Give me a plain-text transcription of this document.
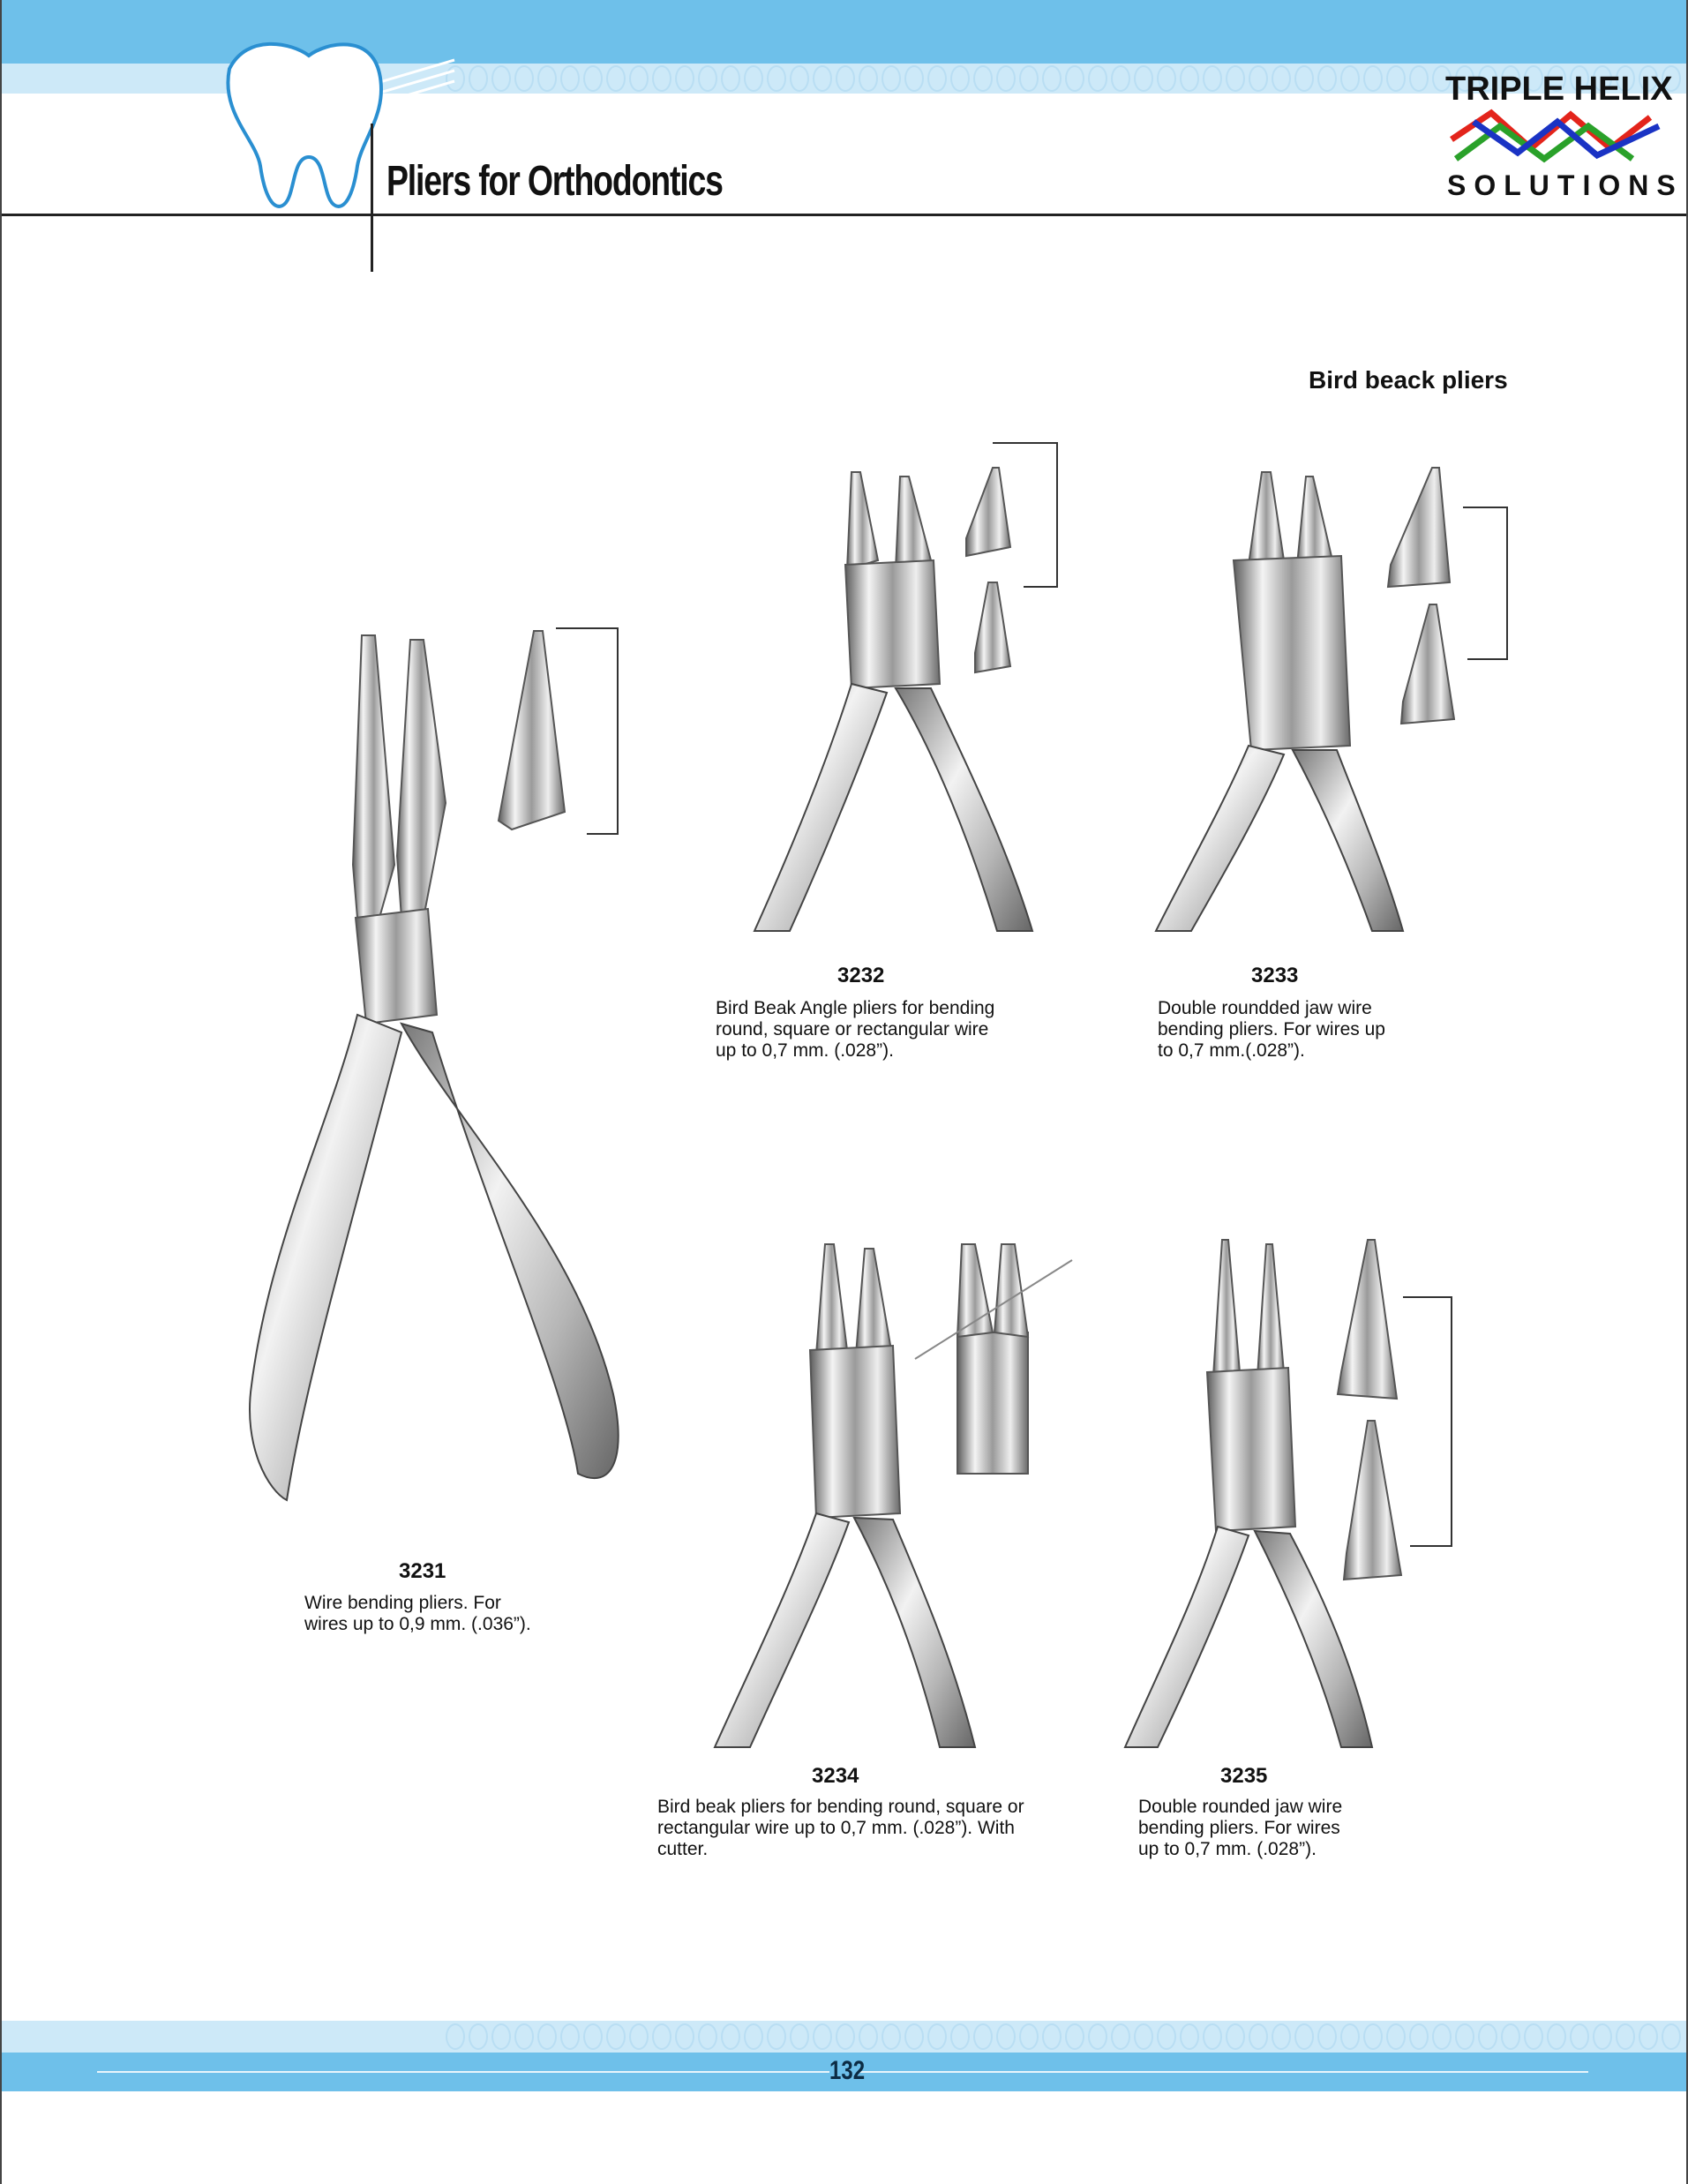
Pliers for Orthodontics
TRIPLE HELIX
SOLUTIONS
Bird beack pliers
3231
Wire bending pliers. For
wires up to 0,9 mm. (.036”).
3232
Bird Beak Angle pliers for bending
round, square or rectangular wire
up to 0,7 mm. (.028”).
3233
Double roundded jaw wire
bending pliers. For wires up
to 0,7 mm.(.028”).
3234
Bird beak pliers for bending round, square or
rectangular wire up to 0,7 mm. (.028”). With
cutter.
3235
Double rounded jaw wire
bending pliers. For wires
up to 0,7 mm. (.028”).
132
